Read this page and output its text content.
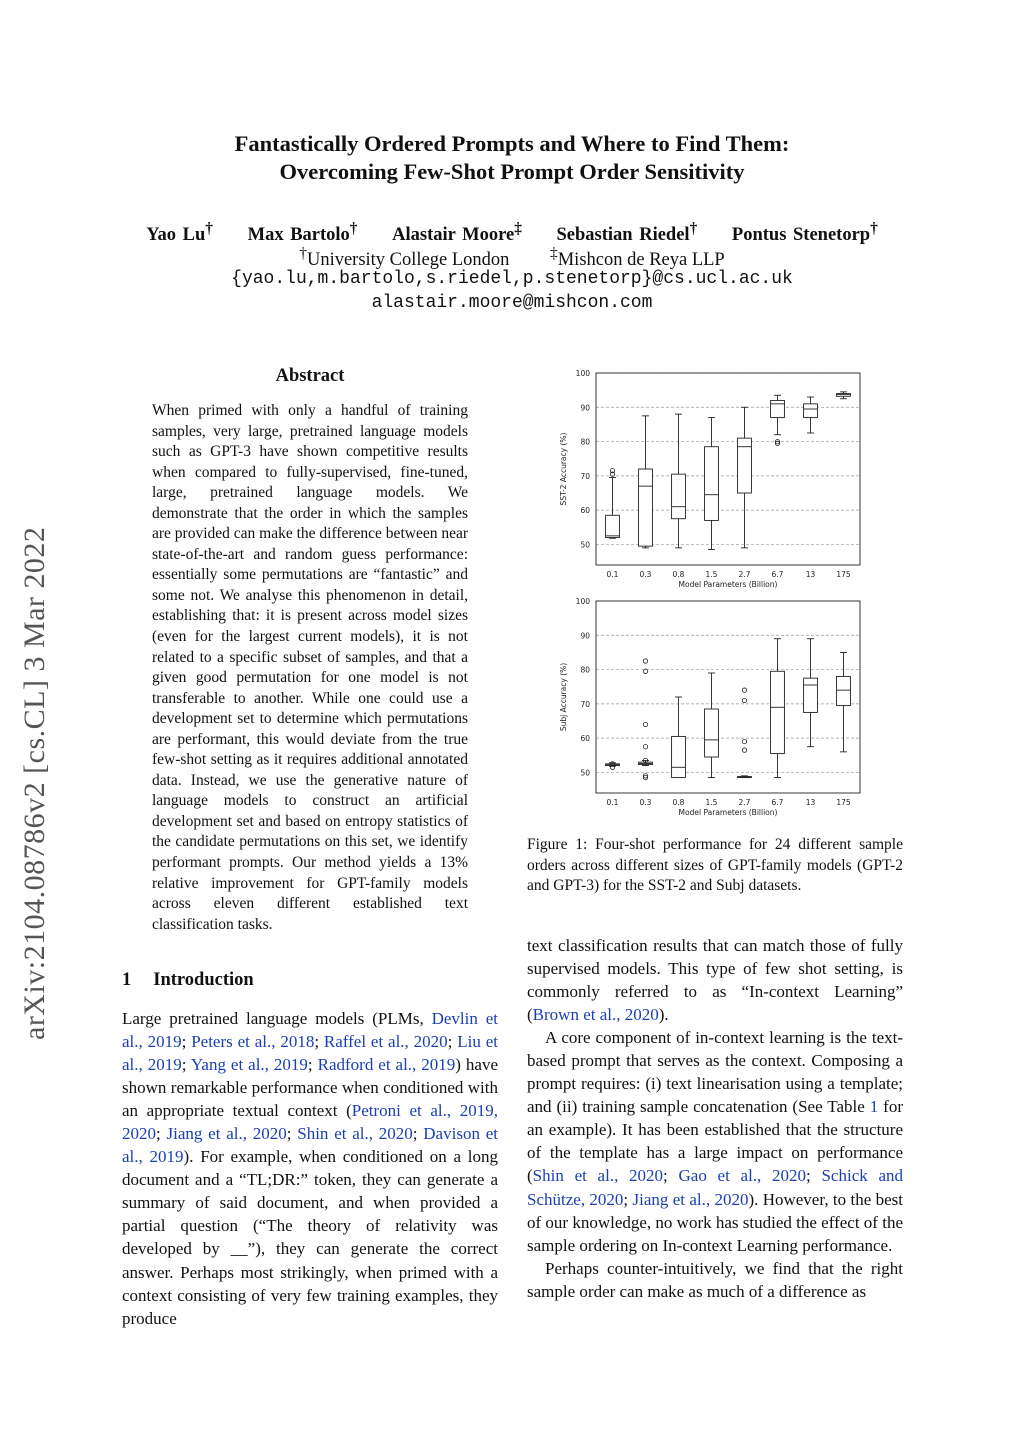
Fantastically Ordered Prompts and Where to Find Them:
Overcoming Few-Shot Prompt Order Sensitivity
Yao Lu† Max Bartolo† Alastair Moore‡ Sebastian Riedel† Pontus Stenetorp†
†University College London	‡Mishcon de Reya LLP
{yao.lu,m.bartolo,s.riedel,p.stenetorp}@cs.ucl.ac.uk
alastair.moore@mishcon.com
arXiv:2104.08786v2 [cs.CL] 3 Mar 2022
Abstract
When primed with only a handful of training samples, very large, pretrained language models such as GPT-3 have shown competitive results when compared to fully-supervised, fine-tuned, large, pretrained language models. We demonstrate that the order in which the samples are provided can make the difference between near state-of-the-art and random guess performance: essentially some permutations are “fantastic” and some not. We analyse this phenomenon in detail, establishing that: it is present across model sizes (even for the largest current models), it is not related to a specific subset of samples, and that a given good permutation for one model is not transferable to another. While one could use a development set to determine which permutations are performant, this would deviate from the true few-shot setting as it requires additional annotated data. Instead, we use the generative nature of language models to construct an artificial development set and based on entropy statistics of the candidate permutations on this set, we identify performant prompts. Our method yields a 13% relative improvement for GPT-family models across eleven different established text classification tasks.
1 Introduction
Large pretrained language models (PLMs, Devlin et al., 2019; Peters et al., 2018; Raffel et al., 2020; Liu et al., 2019; Yang et al., 2019; Radford et al., 2019) have shown remarkable performance when conditioned with an appropriate textual context (Petroni et al., 2019, 2020; Jiang et al., 2020; Shin et al., 2020; Davison et al., 2019). For example, when conditioned on a long document and a “TL;DR:” token, they can generate a summary of said document, and when provided a partial question (“The theory of relativity was developed by __”), they can generate the correct answer. Perhaps most strikingly, when primed with a context consisting of very few training examples, they produce

text classification results that can match those of fully supervised models. This type of few shot setting, is commonly referred to as “In-context Learning” (Brown et al., 2020).

A core component of in-context learning is the text-based prompt that serves as the context. Composing a prompt requires: (i) text linearisation using a template; and (ii) training sample concatenation (See Table 1 for an example). It has been established that the structure of the template has a large impact on performance (Shin et al., 2020; Gao et al., 2020; Schick and Schütze, 2020; Jiang et al., 2020). However, to the best of our knowledge, no work has studied the effect of the sample ordering on In-context Learning performance.

Perhaps counter-intuitively, we find that the right sample order can make as much of a difference as

50
60
70
80
90
100
0.1	0.3	0.8	1.5	2.7	6.7	13	175
Model Parameters (Billion)
SST-2 Accuracy (%)
50
60
70
80
90
100
0.1	0.3	0.8	1.5	2.7	6.7	13	175
Model Parameters (Billion)
Subj Accuracy (%)
Figure 1: Four-shot performance for 24 different sample orders across different sizes of GPT-family models (GPT-2 and GPT-3) for the SST-2 and Subj datasets.
